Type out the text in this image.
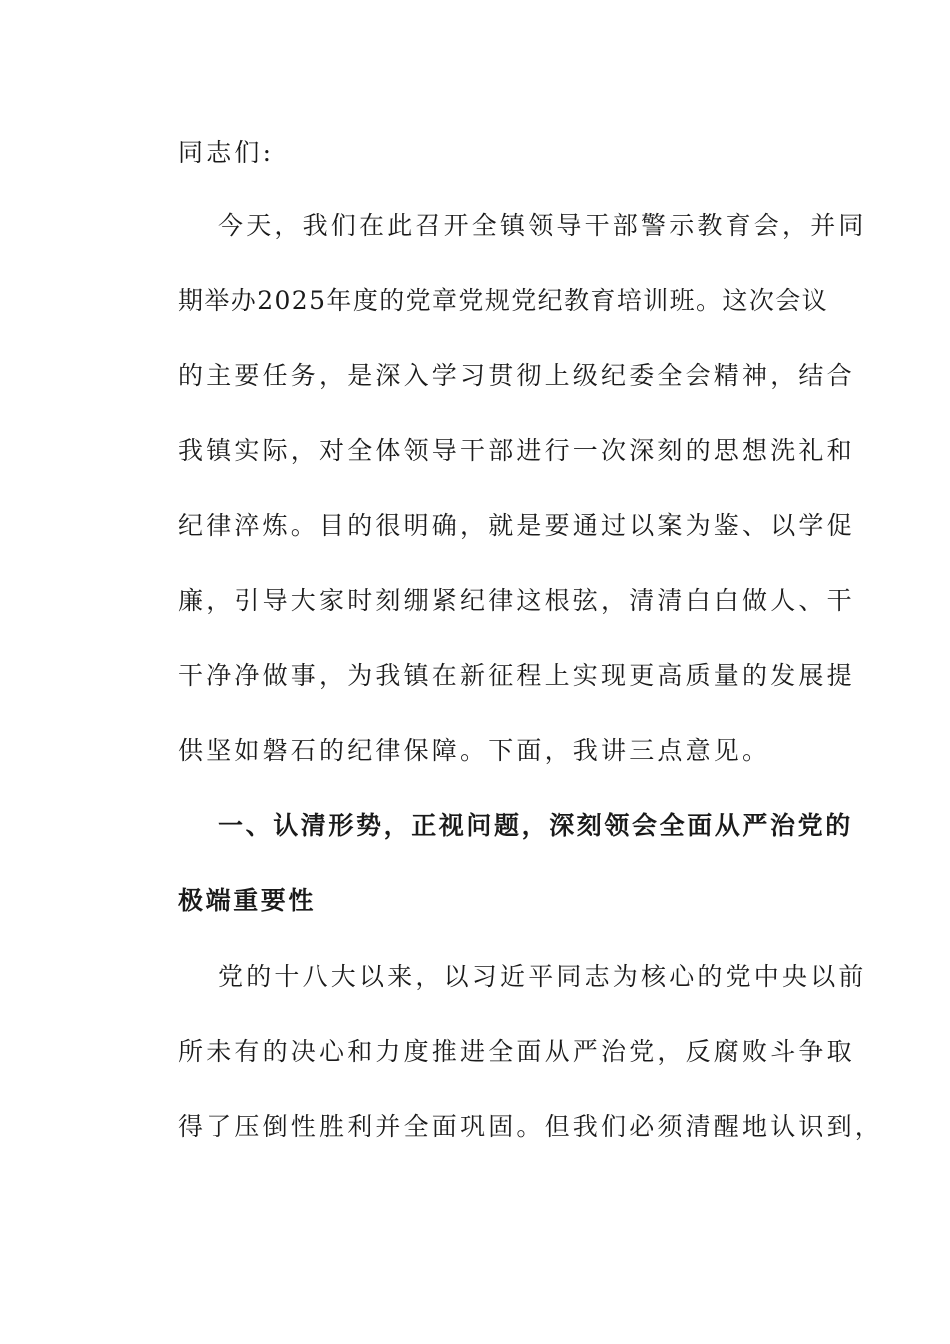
同志们:
今天，我们在此召开全镇领导干部警示教育会，并同
期举办2025年度的党章党规党纪教育培训班。这次会议
的主要任务，是深入学习贯彻上级纪委全会精神，结合
我镇实际，对全体领导干部进行一次深刻的思想洗礼和
纪律淬炼。目的很明确，就是要通过以案为鉴、以学促
廉，引导大家时刻绷紧纪律这根弦，清清白白做人、干
干净净做事，为我镇在新征程上实现更高质量的发展提
供坚如磐石的纪律保障。下面，我讲三点意见。
一、认清形势，正视问题，深刻领会全面从严治党的
极端重要性
党的十八大以来，以习近平同志为核心的党中央以前
所未有的决心和力度推进全面从严治党，反腐败斗争取
得了压倒性胜利并全面巩固。但我们必须清醒地认识到，
